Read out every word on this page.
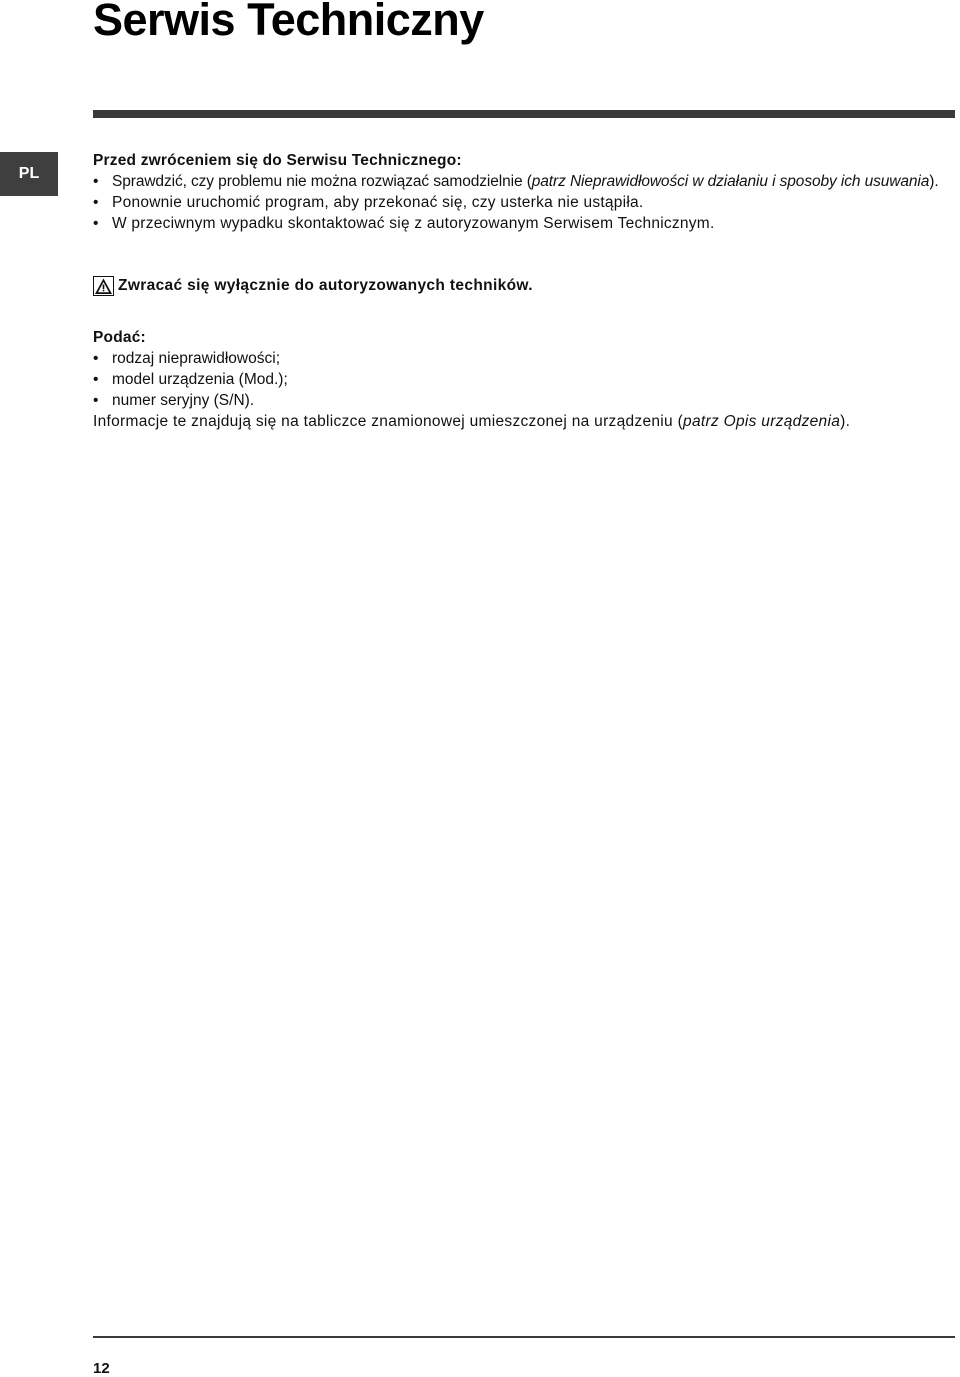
Serwis Techniczny
PL

Przed zwróceniem się do Serwisu Technicznego:

• Sprawdzić, czy problemu nie można rozwiązać samodzielnie (patrz Nieprawidłowości w działaniu i sposoby ich usuwania).
• Ponownie uruchomić program, aby przekonać się, czy usterka nie ustąpiła.
• W przeciwnym wypadku skontaktować się z autoryzowanym Serwisem Technicznym.
Zwracać się wyłącznie do autoryzowanych techników.

Podać:

• rodzaj nieprawidłowości;
• model urządzenia (Mod.);
• numer seryjny (S/N).

Informacje te znajdują się na tabliczce znamionowej umieszczonej na urządzeniu (patrz Opis urządzenia).

12
